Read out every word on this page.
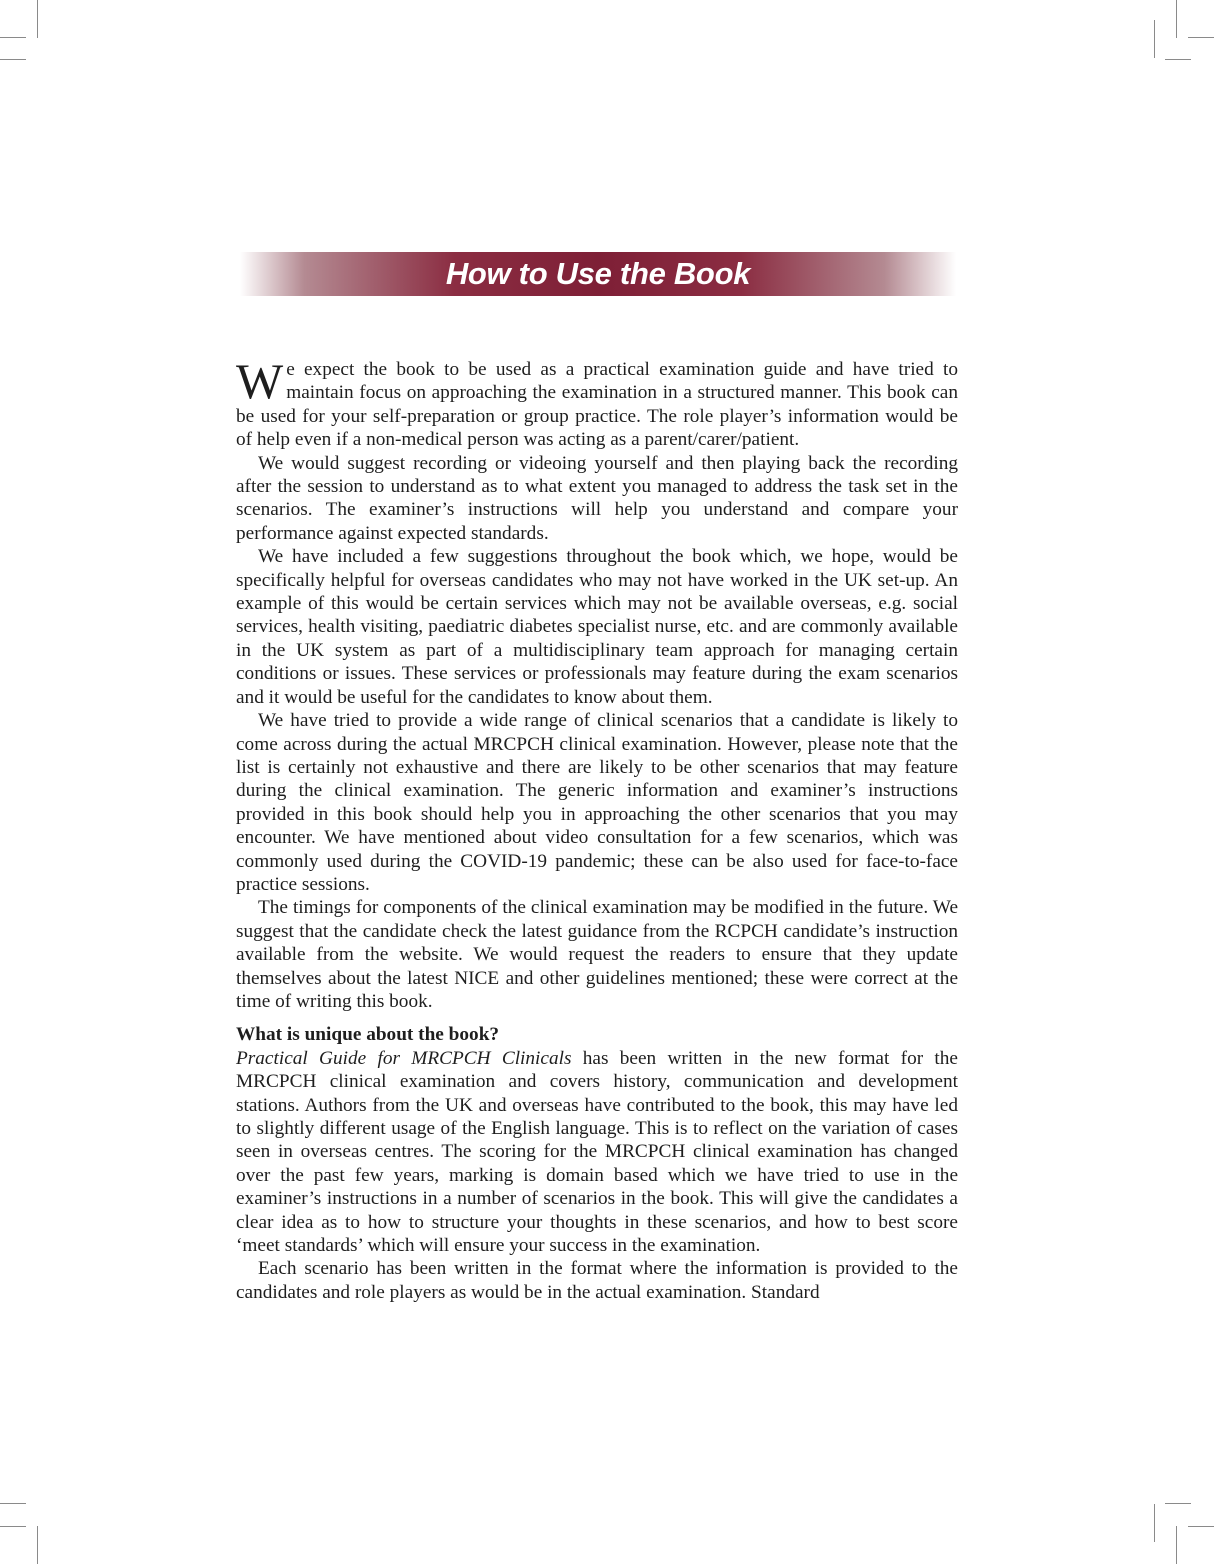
How to Use the Book

We expect the book to be used as a practical examination guide and have tried to maintain focus on approaching the examination in a structured manner. This book can be used for your self-preparation or group practice. The role player’s information would be of help even if a non-medical person was acting as a parent/carer/patient.

We would suggest recording or videoing yourself and then playing back the recording after the session to understand as to what extent you managed to address the task set in the scenarios. The examiner’s instructions will help you understand and compare your performance against expected standards.

We have included a few suggestions throughout the book which, we hope, would be specifically helpful for overseas candidates who may not have worked in the UK set-up. An example of this would be certain services which may not be available overseas, e.g. social services, health visiting, paediatric diabetes specialist nurse, etc. and are commonly available in the UK system as part of a multidisciplinary team approach for managing certain conditions or issues. These services or professionals may feature during the exam scenarios and it would be useful for the candidates to know about them.

We have tried to provide a wide range of clinical scenarios that a candidate is likely to come across during the actual MRCPCH clinical examination. However, please note that the list is certainly not exhaustive and there are likely to be other scenarios that may feature during the clinical examination. The generic information and examiner’s instructions provided in this book should help you in approaching the other scenarios that you may encounter. We have mentioned about video consultation for a few scenarios, which was commonly used during the COVID-19 pandemic; these can be also used for face-to-face practice sessions.

The timings for components of the clinical examination may be modified in the future. We suggest that the candidate check the latest guidance from the RCPCH candidate’s instruction available from the website. We would request the readers to ensure that they update themselves about the latest NICE and other guidelines mentioned; these were correct at the time of writing this book.

What is unique about the book?

Practical Guide for MRCPCH Clinicals has been written in the new format for the MRCPCH clinical examination and covers history, communication and development stations. Authors from the UK and overseas have contributed to the book, this may have led to slightly different usage of the English language. This is to reflect on the variation of cases seen in overseas centres. The scoring for the MRCPCH clinical examination has changed over the past few years, marking is domain based which we have tried to use in the examiner’s instructions in a number of scenarios in the book. This will give the candidates a clear idea as to how to structure your thoughts in these scenarios, and how to best score ‘meet standards’ which will ensure your success in the examination.

Each scenario has been written in the format where the information is provided to the candidates and role players as would be in the actual examination. Standard
